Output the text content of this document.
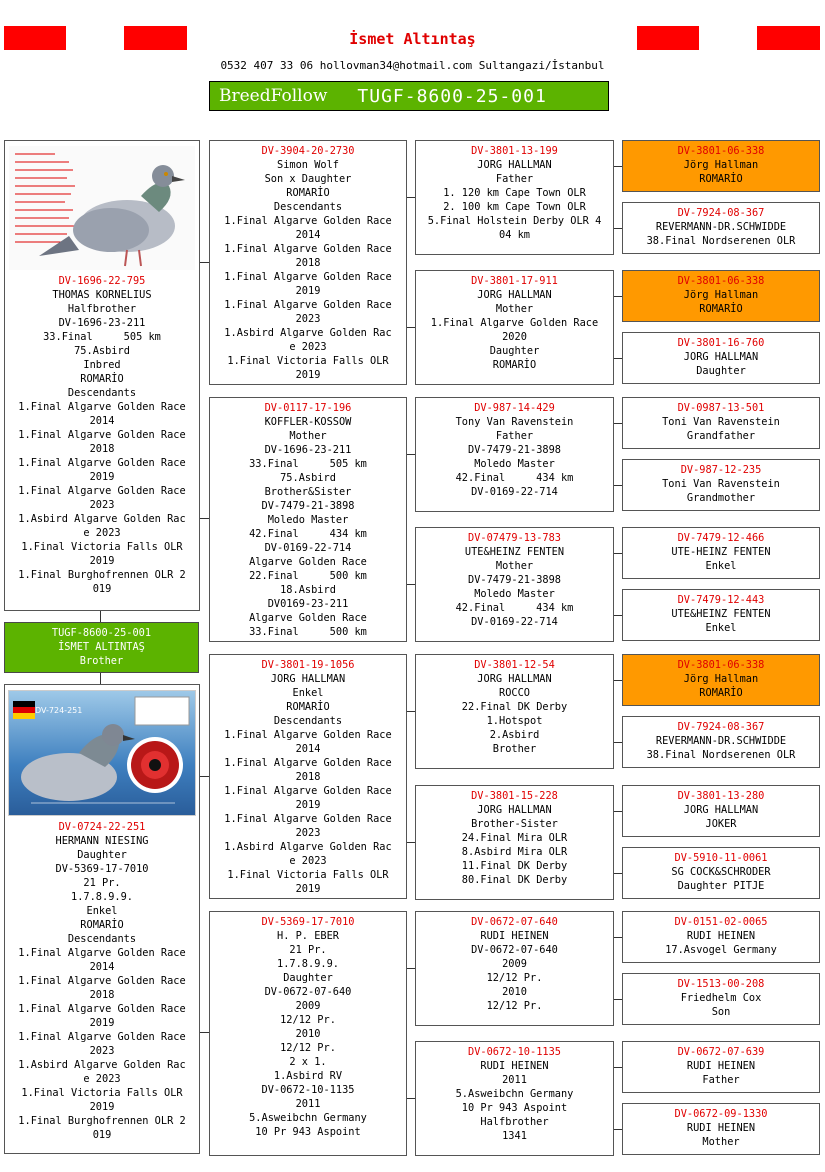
İsmet Altıntaş
0532 407 33 06 hollovman34@hotmail.com Sultangazi/İstanbul
BreedFollow TUGF-8600-25-001
TUGF-8600-25-001
İSMET ALTINTAŞ
Brother
DV-1696-22-795
THOMAS KORNELIUS
Halfbrother
DV-1696-23-211
33.Final     505 km
75.Asbird
Inbred
ROMARİO
Descendants
1.Final Algarve Golden Race
2014
1.Final Algarve Golden Race
2018
1.Final Algarve Golden Race
2019
1.Final Algarve Golden Race
2023
1.Asbird Algarve Golden Rac
e 2023
1.Final Victoria Falls OLR
2019
1.Final Burghofrennen OLR 2
019
DV-724-251
DV-0724-22-251
HERMANN NIESING
Daughter
DV-5369-17-7010
21 Pr.
1.7.8.9.9.
Enkel
ROMARİO
Descendants
1.Final Algarve Golden Race
2014
1.Final Algarve Golden Race
2018
1.Final Algarve Golden Race
2019
1.Final Algarve Golden Race
2023
1.Asbird Algarve Golden Rac
e 2023
1.Final Victoria Falls OLR
2019
1.Final Burghofrennen OLR 2
019
DV-3904-20-2730
Simon Wolf
Son x Daughter
ROMARİO
Descendants
1.Final Algarve Golden Race
2014
1.Final Algarve Golden Race
2018
1.Final Algarve Golden Race
2019
1.Final Algarve Golden Race
2023
1.Asbird Algarve Golden Rac
e 2023
1.Final Victoria Falls OLR
2019
DV-0117-17-196
KOFFLER-KOSSOW
Mother
DV-1696-23-211
33.Final     505 km
75.Asbird
Brother&Sister
DV-7479-21-3898
Moledo Master
42.Final     434 km
DV-0169-22-714
Algarve Golden Race
22.Final     500 km
18.Asbird
DV0169-23-211
Algarve Golden Race
33.Final     500 km
DV-3801-19-1056
JORG HALLMAN
Enkel
ROMARİO
Descendants
1.Final Algarve Golden Race
2014
1.Final Algarve Golden Race
2018
1.Final Algarve Golden Race
2019
1.Final Algarve Golden Race
2023
1.Asbird Algarve Golden Rac
e 2023
1.Final Victoria Falls OLR
2019
DV-5369-17-7010
H. P. EBER
21 Pr.
1.7.8.9.9.
Daughter
DV-0672-07-640
2009
12/12 Pr.
2010
12/12 Pr.
2 x 1.
1.Asbird RV
DV-0672-10-1135
2011
5.Asweibchn Germany
10 Pr 943 Aspoint
DV-3801-13-199
JORG HALLMAN
Father
1. 120 km Cape Town OLR
2. 100 km Cape Town OLR
5.Final Holstein Derby OLR 4
04 km
DV-3801-17-911
JORG HALLMAN
Mother
1.Final Algarve Golden Race
2020
Daughter
ROMARİO
DV-987-14-429
Tony Van Ravenstein
Father
DV-7479-21-3898
Moledo Master
42.Final     434 km
DV-0169-22-714
DV-07479-13-783
UTE&HEINZ FENTEN
Mother
DV-7479-21-3898
Moledo Master
42.Final     434 km
DV-0169-22-714
DV-3801-12-54
JORG HALLMAN
ROCCO
22.Final DK Derby
1.Hotspot
2.Asbird
Brother
DV-3801-15-228
JORG HALLMAN
Brother-Sister
24.Final Mira OLR
8.Asbird Mira OLR
11.Final DK Derby
80.Final DK Derby
DV-0672-07-640
RUDI HEINEN
DV-0672-07-640
2009
12/12 Pr.
2010
12/12 Pr.
DV-0672-10-1135
RUDI HEINEN
2011
5.Asweibchn Germany
10 Pr 943 Aspoint
Halfbrother
1341
DV-3801-06-338
Jörg Hallman
ROMARİO
DV-7924-08-367
REVERMANN-DR.SCHWIDDE
38.Final Nordserenen OLR
DV-3801-06-338
Jörg Hallman
ROMARİO
DV-3801-16-760
JORG HALLMAN
Daughter
DV-0987-13-501
Toni Van Ravenstein
Grandfather
DV-987-12-235
Toni Van Ravenstein
Grandmother
DV-7479-12-466
UTE-HEINZ FENTEN
Enkel
DV-7479-12-443
UTE&HEINZ FENTEN
Enkel
DV-3801-06-338
Jörg Hallman
ROMARİO
DV-7924-08-367
REVERMANN-DR.SCHWIDDE
38.Final Nordserenen OLR
DV-3801-13-280
JORG HALLMAN
JOKER
DV-5910-11-0061
SG COCK&SCHRODER
Daughter PITJE
DV-0151-02-0065
RUDI HEINEN
17.Asvogel Germany
DV-1513-00-208
Friedhelm Cox
Son
DV-0672-07-639
RUDI HEINEN
Father
DV-0672-09-1330
RUDI HEINEN
Mother
